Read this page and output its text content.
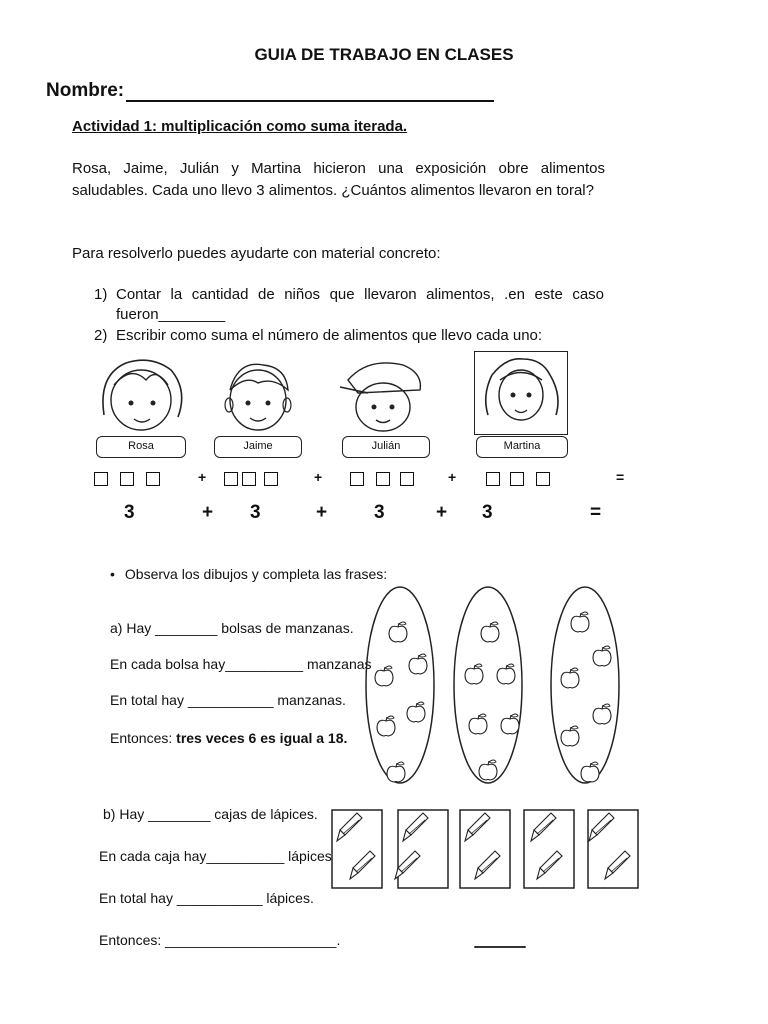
GUIA DE TRABAJO EN CLASES
Nombre:
Actividad 1: multiplicación como suma iterada.
Rosa, Jaime, Julián y Martina hicieron una exposición obre alimentos saludables. Cada uno llevo 3 alimentos. ¿Cuántos alimentos llevaron en toral?
Para resolverlo puedes ayudarte con material concreto:
1) Contar la cantidad de niños que llevaron alimentos, .en este caso fueron________
2) Escribir como suma el número de alimentos que llevo cada uno:
Rosa	Jaime	Julián	Martina
+	+	+	=
3	+ 3	+ 3	+ 3	=
• Observa los dibujos y completa las frases:
a) Hay ________ bolsas de manzanas.
En cada bolsa hay__________ manzanas
En total hay ___________ manzanas.
Entonces: tres veces 6 es igual a 18.
b) Hay ________ cajas de lápices.
En cada caja hay__________ lápices
En total hay ___________ lápices.
Entonces: ______________________.
